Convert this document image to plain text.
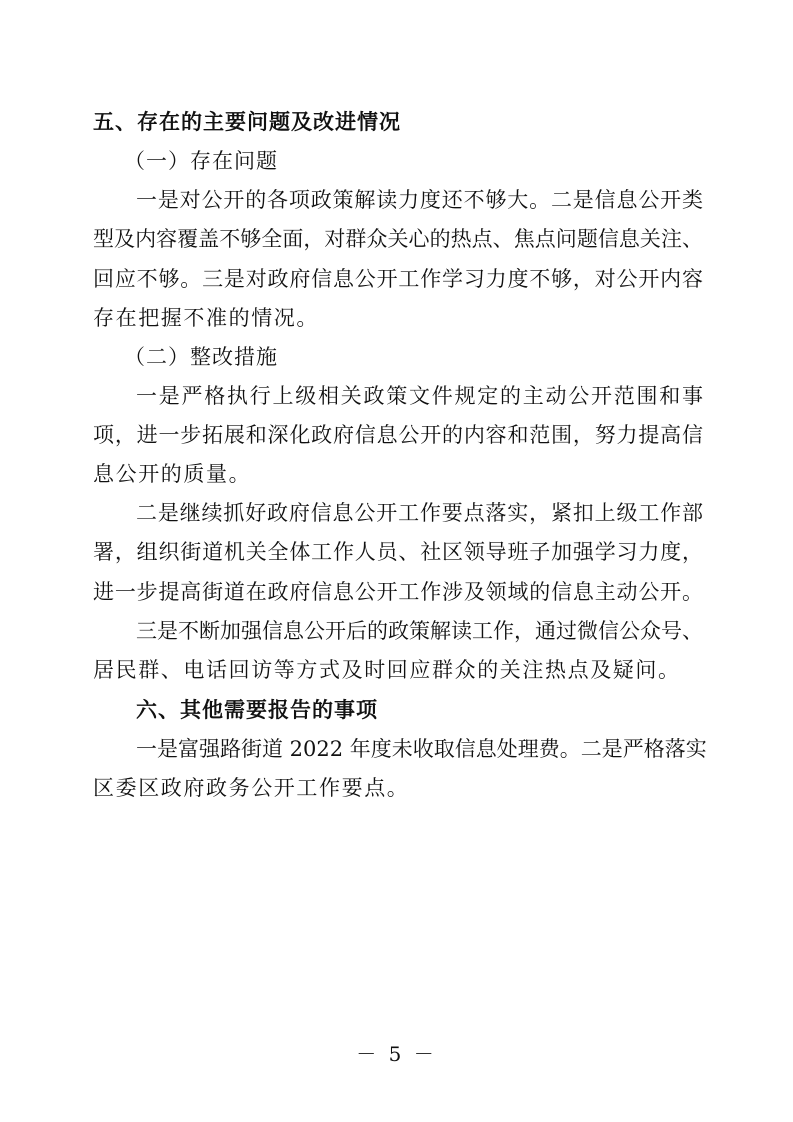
五、存在的主要问题及改进情况
（一）存在问题
一是对公开的各项政策解读力度还不够大。二是信息公开类
型及内容覆盖不够全面，对群众关心的热点、焦点问题信息关注、
回应不够。三是对政府信息公开工作学习力度不够，对公开内容
存在把握不准的情况。
（二）整改措施
一是严格执行上级相关政策文件规定的主动公开范围和事
项，进一步拓展和深化政府信息公开的内容和范围，努力提高信
息公开的质量。
二是继续抓好政府信息公开工作要点落实，紧扣上级工作部
署，组织街道机关全体工作人员、社区领导班子加强学习力度，
进一步提高街道在政府信息公开工作涉及领域的信息主动公开。
三是不断加强信息公开后的政策解读工作，通过微信公众号、
居民群、电话回访等方式及时回应群众的关注热点及疑问。
六、其他需要报告的事项
一是富强路街道 2022 年度未收取信息处理费。二是严格落实
区委区政府政务公开工作要点。
－ 5 －
